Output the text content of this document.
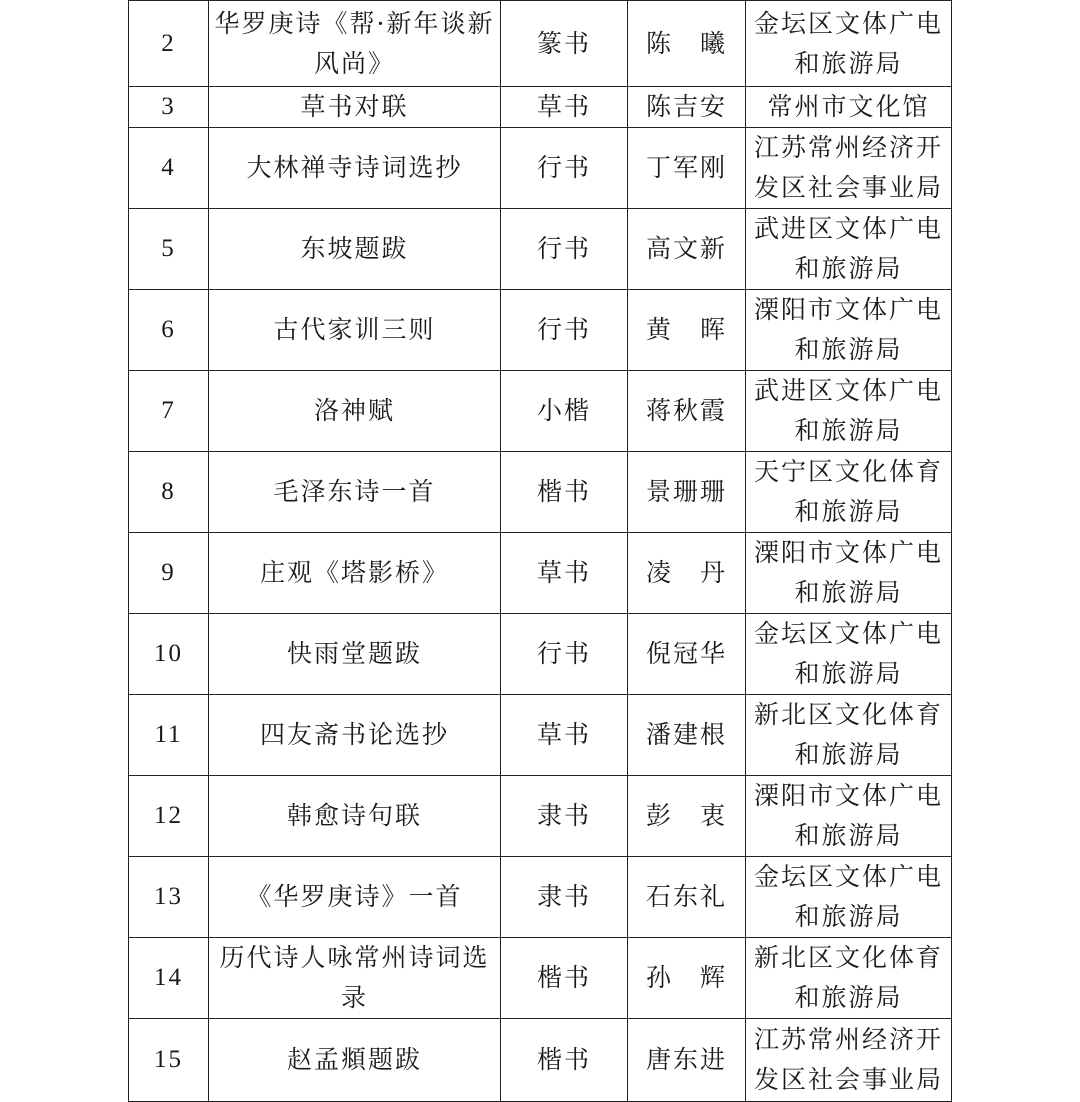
2	华罗庚诗《帮·新年谈新风尚》	篆书	陈　曦	金坛区文体广电和旅游局
3	草书对联	草书	陈吉安	常州市文化馆
4	大林禅寺诗词选抄	行书	丁军刚	江苏常州经济开发区社会事业局
5	东坡题跋	行书	高文新	武进区文体广电和旅游局
6	古代家训三则	行书	黄　晖	溧阳市文体广电和旅游局
7	洛神赋	小楷	蒋秋霞	武进区文体广电和旅游局
8	毛泽东诗一首	楷书	景珊珊	天宁区文化体育和旅游局
9	庄观《塔影桥》	草书	凌　丹	溧阳市文体广电和旅游局
10	快雨堂题跋	行书	倪冠华	金坛区文体广电和旅游局
11	四友斋书论选抄	草书	潘建根	新北区文化体育和旅游局
12	韩愈诗句联	隶书	彭　衷	溧阳市文体广电和旅游局
13	《华罗庚诗》一首	隶书	石东礼	金坛区文体广电和旅游局
14	历代诗人咏常州诗词选录	楷书	孙　辉	新北区文化体育和旅游局
15	赵孟頫题跋	楷书	唐东进	江苏常州经济开发区社会事业局
